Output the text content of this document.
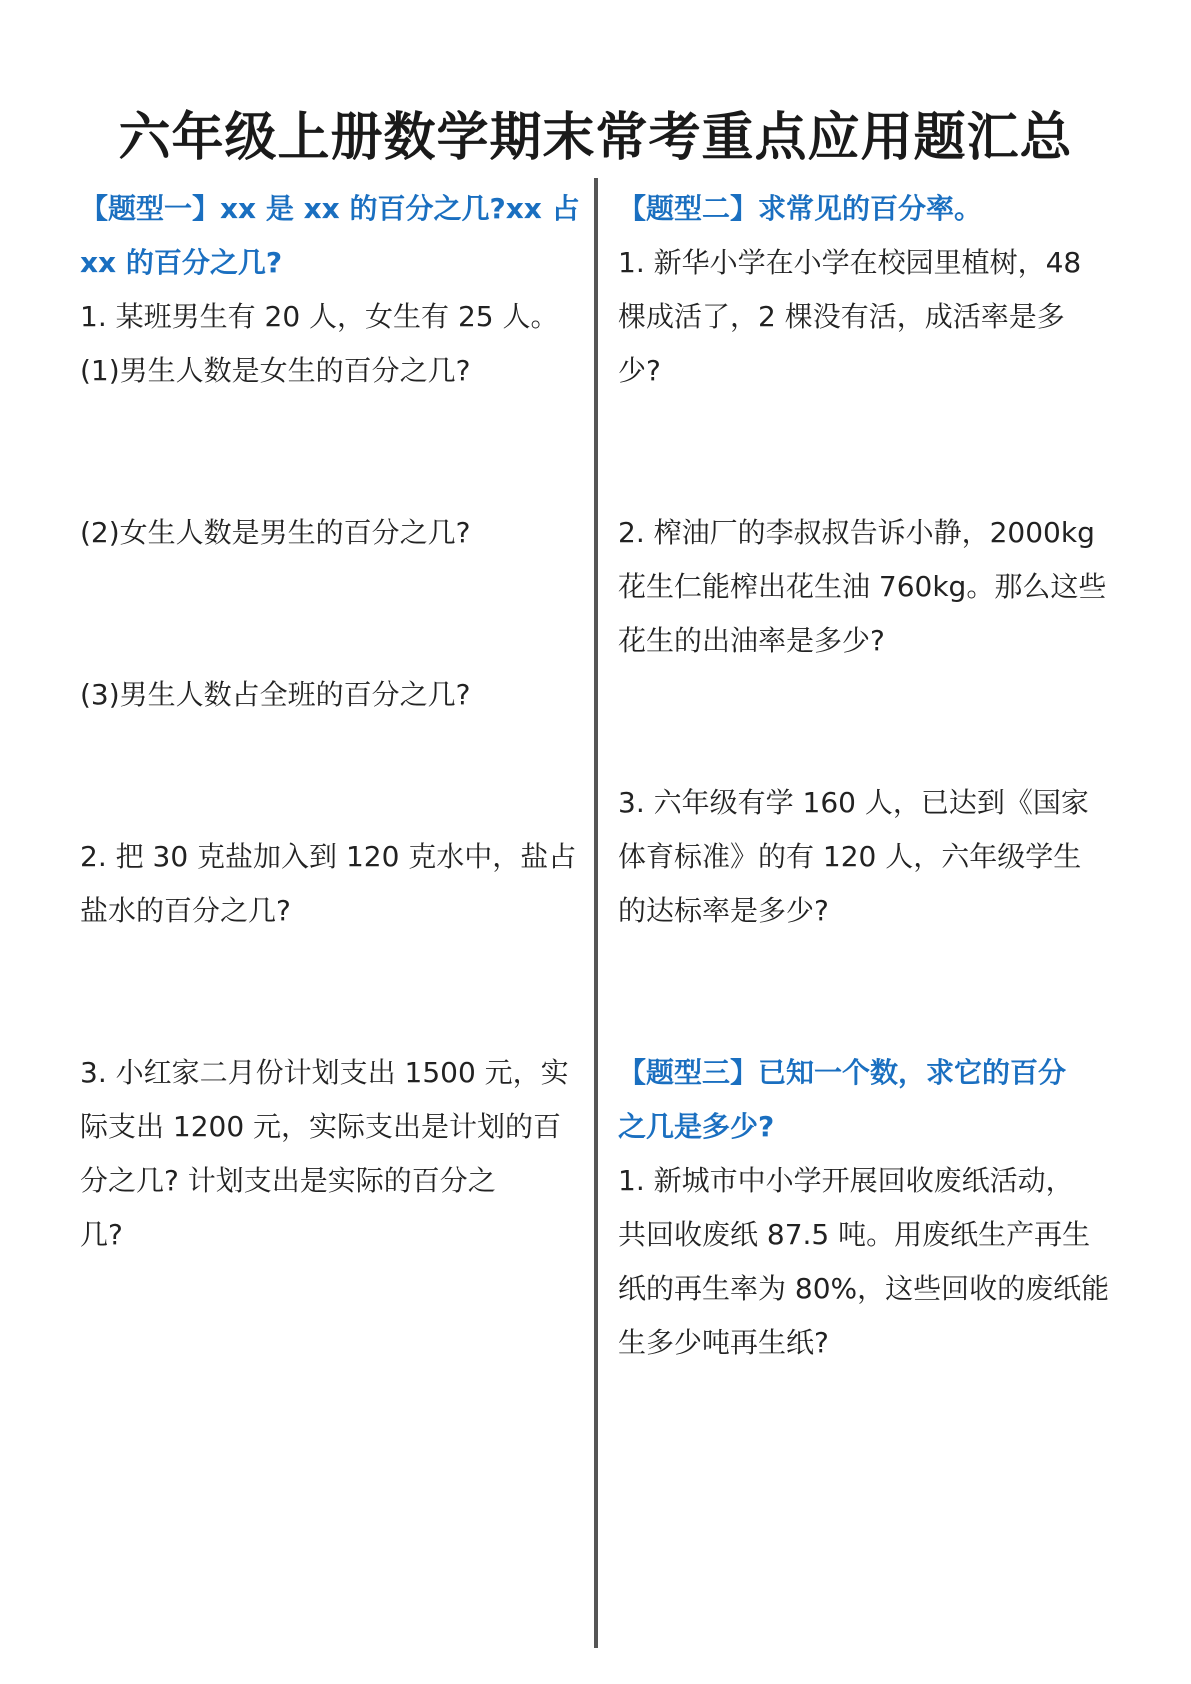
六年级上册数学期末常考重点应用题汇总
【题型一】xx 是 xx 的百分之几?xx 占
xx 的百分之几?
1. 某班男生有 20 人，女生有 25 人。
(1)男生人数是女生的百分之几?
(2)女生人数是男生的百分之几?
(3)男生人数占全班的百分之几?
2. 把 30 克盐加入到 120 克水中，盐占
盐水的百分之几?
3. 小红家二月份计划支出 1500 元，实
际支出 1200 元，实际支出是计划的百
分之几? 计划支出是实际的百分之
几?
【题型二】求常见的百分率。
1. 新华小学在小学在校园里植树，48
棵成活了，2 棵没有活，成活率是多
少?
2. 榨油厂的李叔叔告诉小静，2000kg
花生仁能榨出花生油 760kg。那么这些
花生的出油率是多少?
3. 六年级有学 160 人，已达到《国家
体育标准》的有 120 人，六年级学生
的达标率是多少?
【题型三】已知一个数，求它的百分
之几是多少?
1. 新城市中小学开展回收废纸活动，
共回收废纸 87.5 吨。用废纸生产再生
纸的再生率为 80%，这些回收的废纸能
生多少吨再生纸?
